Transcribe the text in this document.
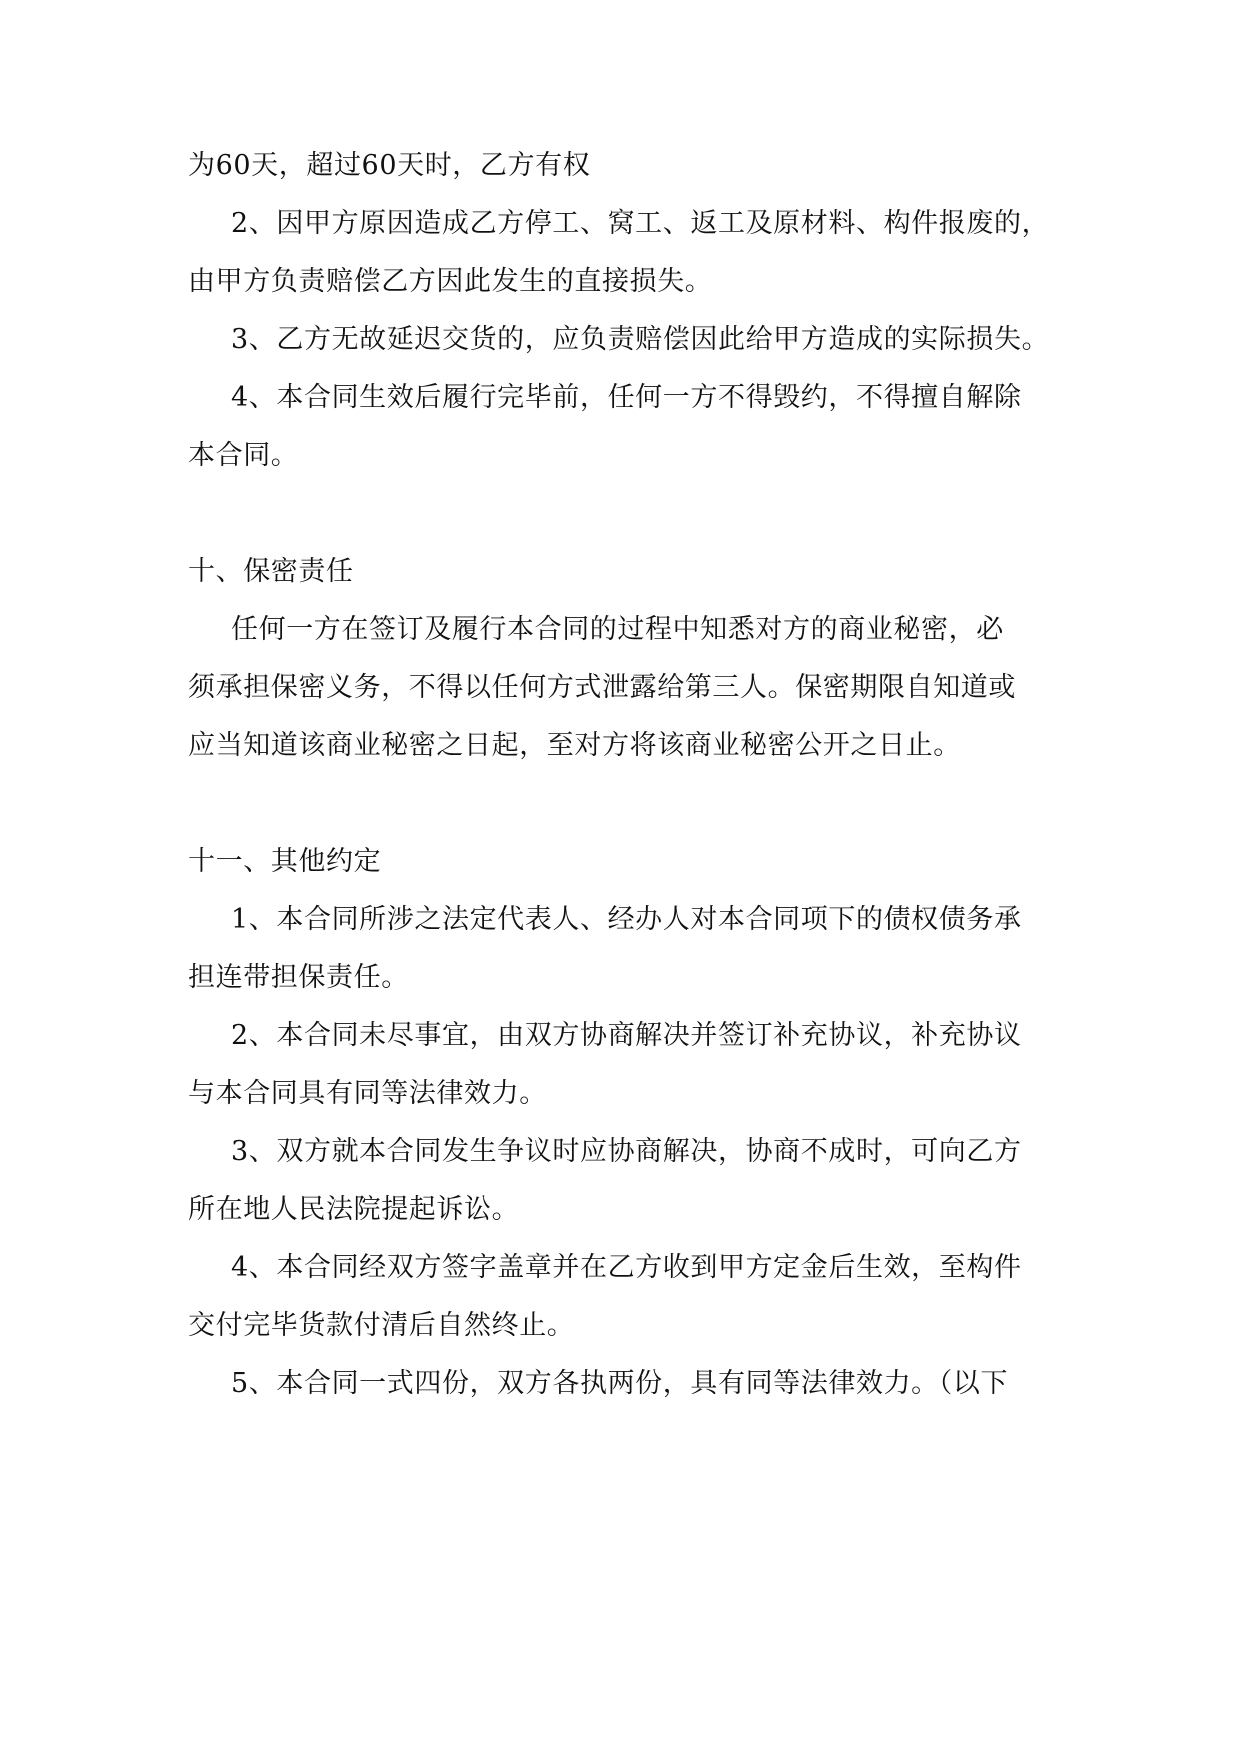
为60天，超过60天时，乙方有权
2、因甲方原因造成乙方停工、窝工、返工及原材料、构件报废的，
由甲方负责赔偿乙方因此发生的直接损失。
3、乙方无故延迟交货的，应负责赔偿因此给甲方造成的实际损失。
4、本合同生效后履行完毕前，任何一方不得毁约，不得擅自解除
本合同。
十、保密责任
任何一方在签订及履行本合同的过程中知悉对方的商业秘密，必
须承担保密义务，不得以任何方式泄露给第三人。保密期限自知道或
应当知道该商业秘密之日起，至对方将该商业秘密公开之日止。
十一、其他约定
1、本合同所涉之法定代表人、经办人对本合同项下的债权债务承
担连带担保责任。
2、本合同未尽事宜，由双方协商解决并签订补充协议，补充协议
与本合同具有同等法律效力。
3、双方就本合同发生争议时应协商解决，协商不成时，可向乙方
所在地人民法院提起诉讼。
4、本合同经双方签字盖章并在乙方收到甲方定金后生效，至构件
交付完毕货款付清后自然终止。
5、本合同一式四份，双方各执两份，具有同等法律效力。（以下
